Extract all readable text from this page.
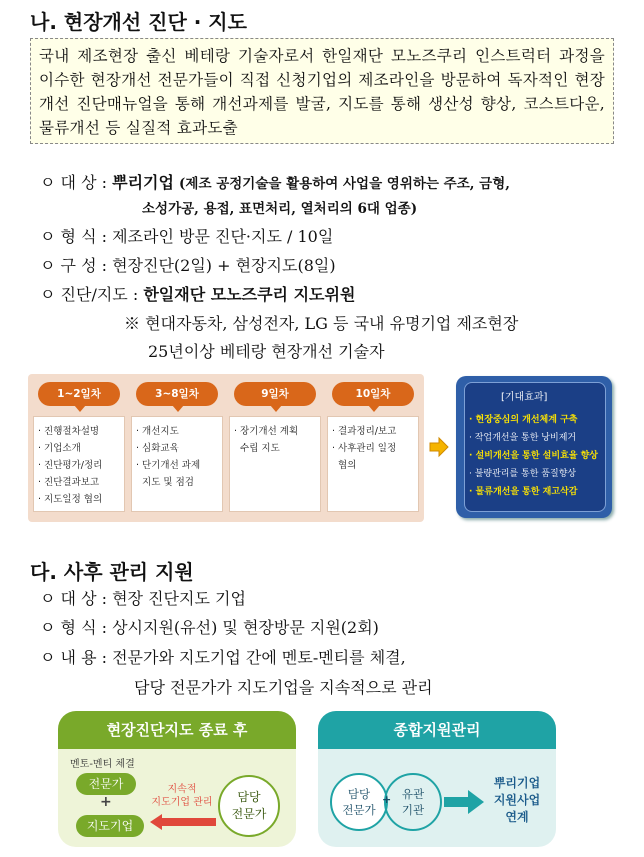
나. 현장개선 진단 · 지도
국내 제조현장 출신 베테랑 기술자로서 한일재단 모노즈쿠리 인스트럭터 과정을 이수한 현장개선 전문가들이 직접 신청기업의 제조라인을 방문하여 독자적인 현장개선 진단매뉴얼을 통해 개선과제를 발굴, 지도를 통해 생산성 향상, 코스트다운, 물류개선 등 실질적 효과도출
ㅇ 대 상 : 뿌리기업 (제조 공정기술을 활용하여 사업을 영위하는 주조, 금형,
소성가공, 용접, 표면처리, 열처리의 6대 업종)
ㅇ 형 식 : 제조라인 방문 진단·지도 / 10일
ㅇ 구 성 : 현장진단(2일) + 현장지도(8일)
ㅇ 진단/지도 : 한일재단 모노즈쿠리 지도위원
※ 현대자동차, 삼성전자, LG 등 국내 유명기업 제조현장
25년이상 베테랑 현장개선 기술자
1~2일차	3~8일차	9일차	10일차
· 진행절차설명
· 기업소개
· 진단평가/정리
· 진단결과보고
· 지도일정 협의
· 개선지도
· 심화교육
· 단기개선 과제
지도 및 점검
· 장기개선 계획
수립 지도
· 결과정리/보고
· 사후관리 일정
협의
[기대효과]
· 현장중심의 개선체계 구축
· 작업개선을 통한 낭비제거
· 설비개선을 통한 설비효율 향상
· 불량관리를 통한 품질향상
· 물류개선을 통한 재고삭감
다. 사후 관리 지원
ㅇ 대 상 : 현장 진단지도 기업
ㅇ 형 식 : 상시지원(유선) 및 현장방문 지원(2회)
ㅇ 내 용 : 전문가와 지도기업 간에 멘토-멘티를 체결,
담당 전문가가 지도기업을 지속적으로 관리
현장진단지도 종료 후
멘토-멘티 체결
전문가
+
지도기업
지속적
지도기업 관리	담당
전문가
종합지원관리
담당
전문가
유관
기관
+
뿌리기업
지원사업
연계
